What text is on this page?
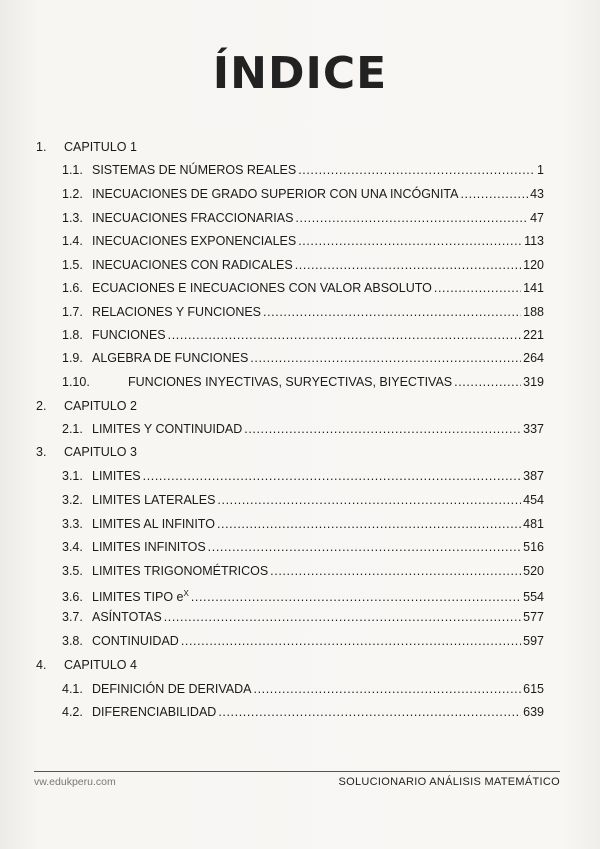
ÍNDICE
1.	CAPITULO 1
1.1. SISTEMAS DE NÚMEROS REALES .....	1
1.2. INECUACIONES DE GRADO SUPERIOR CON UNA INCÓGNITA .....	43
1.3. INECUACIONES FRACCIONARIAS .....	47
1.4. INECUACIONES EXPONENCIALES .....	113
1.5. INECUACIONES CON RADICALES .....	120
1.6. ECUACIONES E INECUACIONES CON VALOR ABSOLUTO .....	141
1.7. RELACIONES Y FUNCIONES .....	188
1.8. FUNCIONES .....	221
1.9. ALGEBRA DE FUNCIONES .....	264
1.10.	FUNCIONES INYECTIVAS, SURYECTIVAS, BIYECTIVAS .....	319
2.	CAPITULO 2
2.1. LIMITES Y CONTINUIDAD .....	337
3.	CAPITULO 3
3.1. LIMITES .....	387
3.2. LIMITES LATERALES .....	454
3.3. LIMITES AL INFINITO .....	481
3.4. LIMITES INFINITOS .....	516
3.5. LIMITES TRIGONOMÉTRICOS .....	520
3.6. LIMITES TIPO $e^X$ .....	554
3.7. ASÍNTOTAS .....	577
3.8. CONTINUIDAD .....	597
4.	CAPITULO 4
4.1. DEFINICIÓN DE DERIVADA .....	615
4.2. DIFERENCIABILIDAD .....	639
vw.edukperu.com	SOLUCIONARIO ANÁLISIS MATEMÁTICO
